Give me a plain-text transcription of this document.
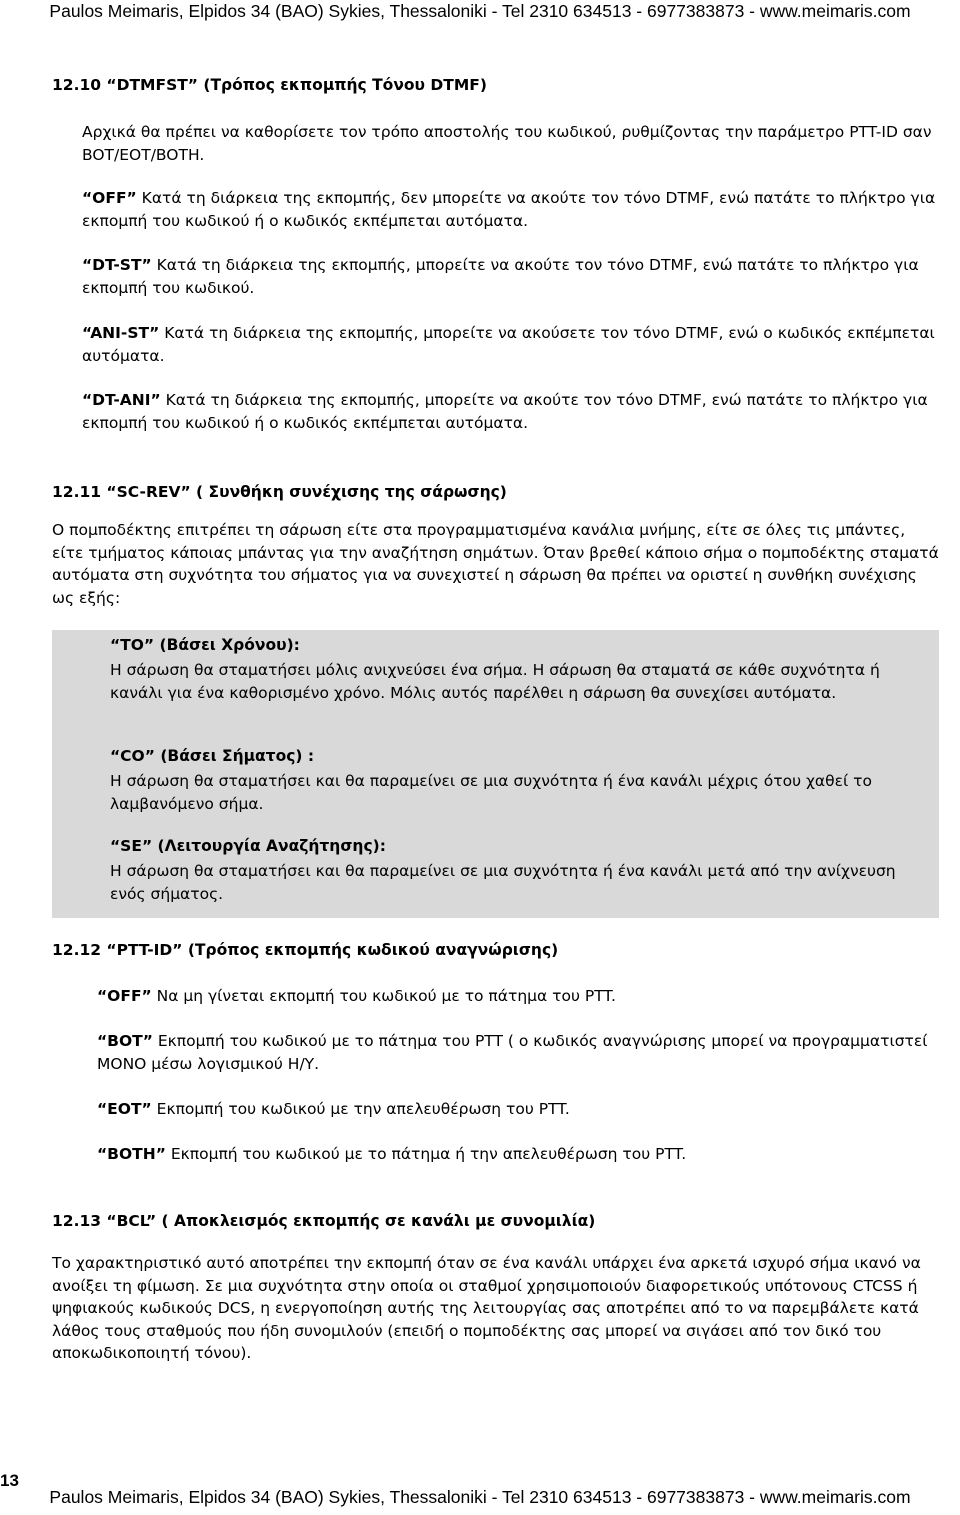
Paulos Meimaris, Elpidos 34 (BAO) Sykies, Thessaloniki - Tel 2310 634513 - 6977383873 - www.meimaris.com
12.10 “DTMFST” (Τρόπος εκπομπής Τόνου DTMF)
Αρχικά θα πρέπει να καθορίσετε τον τρόπο αποστολής του κωδικού, ρυθμίζοντας την παράμετρο PTT-ID σαν BOT/EOT/BOTH.
“OFF” Κατά τη διάρκεια της εκπομπής, δεν μπορείτε να ακούτε τον τόνο DTMF, ενώ πατάτε το πλήκτρο για εκπομπή του κωδικού ή ο κωδικός εκπέμπεται αυτόματα.
“DT-ST” Κατά τη διάρκεια της εκπομπής, μπορείτε να ακούτε τον τόνο DTMF, ενώ πατάτε το πλήκτρο για εκπομπή του κωδικού.
“ANI-ST” Κατά τη διάρκεια της εκπομπής, μπορείτε να ακούσετε τον τόνο DTMF, ενώ ο κωδικός εκπέμπεται αυτόματα.
“DT-ANI” Κατά τη διάρκεια της εκπομπής, μπορείτε να ακούτε τον τόνο DTMF, ενώ πατάτε το πλήκτρο για εκπομπή του κωδικού ή ο κωδικός εκπέμπεται αυτόματα.
12.11 “SC-REV” ( Συνθήκη συνέχισης της σάρωσης)
Ο πομποδέκτης επιτρέπει τη σάρωση είτε στα προγραμματισμένα κανάλια μνήμης, είτε σε όλες τις μπάντες, είτε τμήματος κάποιας μπάντας για την αναζήτηση σημάτων. Όταν βρεθεί κάποιο σήμα ο πομποδέκτης σταματά αυτόματα στη συχνότητα του σήματος για να συνεχιστεί η σάρωση θα πρέπει να οριστεί η συνθήκη συνέχισης ως εξής:
“TO” (Βάσει Χρόνου):
Η σάρωση θα σταματήσει μόλις ανιχνεύσει ένα σήμα. Η σάρωση θα σταματά σε κάθε συχνότητα ή κανάλι για ένα καθορισμένο χρόνο. Μόλις αυτός παρέλθει η σάρωση θα συνεχίσει αυτόματα.
“CO” (Βάσει Σήματος) :
Η σάρωση θα σταματήσει και θα παραμείνει σε μια συχνότητα ή ένα κανάλι μέχρις ότου χαθεί το λαμβανόμενο σήμα.
“SE” (Λειτουργία Αναζήτησης):
Η σάρωση θα σταματήσει και θα παραμείνει σε μια συχνότητα ή ένα κανάλι μετά από την ανίχνευση ενός σήματος.
12.12 “PTT-ID” (Τρόπος εκπομπής κωδικού αναγνώρισης)
“OFF” Να μη γίνεται εκπομπή του κωδικού με το πάτημα του PTT.
“BOT” Εκπομπή του κωδικού με το πάτημα του PTT ( ο κωδικός αναγνώρισης μπορεί να προγραμματιστεί ΜΟΝΟ μέσω λογισμικού Η/Υ.
“EOT” Εκπομπή του κωδικού με την απελευθέρωση του PTT.
“BOTH” Εκπομπή του κωδικού με το πάτημα ή την απελευθέρωση του PTT.
12.13 “BCL” ( Αποκλεισμός εκπομπής σε κανάλι με συνομιλία)
Το χαρακτηριστικό αυτό αποτρέπει την εκπομπή όταν σε ένα κανάλι υπάρχει ένα αρκετά ισχυρό σήμα ικανό να ανοίξει τη φίμωση. Σε μια συχνότητα στην οποία οι σταθμοί χρησιμοποιούν διαφορετικούς υπότονους CTCSS ή ψηφιακούς κωδικούς DCS, η ενεργοποίηση αυτής της λειτουργίας σας αποτρέπει από το να παρεμβάλετε κατά λάθος τους σταθμούς που ήδη συνομιλούν (επειδή ο πομποδέκτης σας μπορεί να σιγάσει από τον δικό του αποκωδικοποιητή τόνου).
13
Paulos Meimaris, Elpidos 34 (BAO) Sykies, Thessaloniki - Tel 2310 634513 - 6977383873 - www.meimaris.com
